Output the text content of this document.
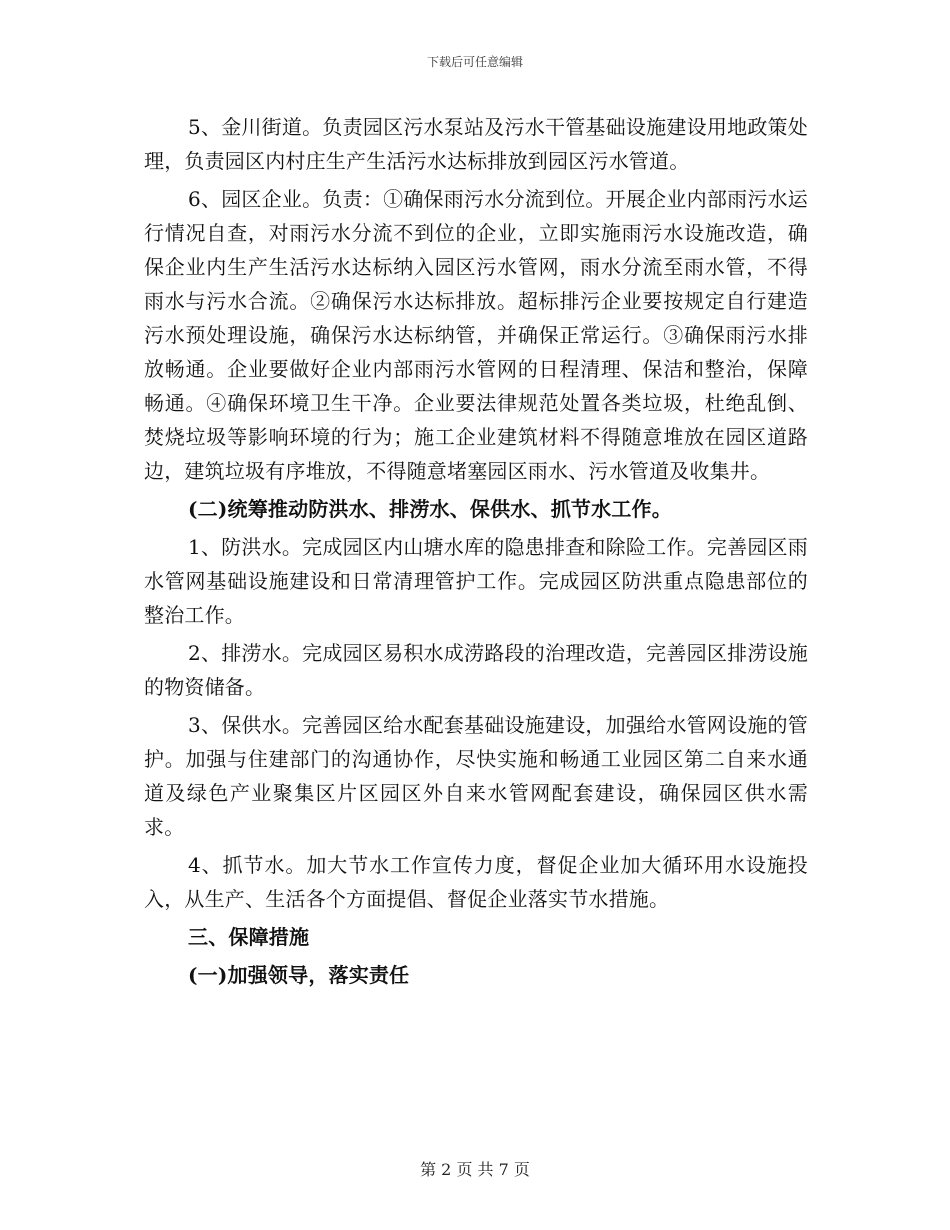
下载后可任意编辑

5、金川街道。负责园区污水泵站及污水干管基础设施建设用地政策处理，负责园区内村庄生产生活污水达标排放到园区污水管道。

6、园区企业。负责：①确保雨污水分流到位。开展企业内部雨污水运行情况自查，对雨污水分流不到位的企业，立即实施雨污水设施改造，确保企业内生产生活污水达标纳入园区污水管网，雨水分流至雨水管，不得雨水与污水合流。②确保污水达标排放。超标排污企业要按规定自行建造污水预处理设施，确保污水达标纳管，并确保正常运行。③确保雨污水排放畅通。企业要做好企业内部雨污水管网的日程清理、保洁和整治，保障畅通。④确保环境卫生干净。企业要法律规范处置各类垃圾，杜绝乱倒、焚烧垃圾等影响环境的行为；施工企业建筑材料不得随意堆放在园区道路边，建筑垃圾有序堆放，不得随意堵塞园区雨水、污水管道及收集井。

(二)统筹推动防洪水、排涝水、保供水、抓节水工作。

1、防洪水。完成园区内山塘水库的隐患排查和除险工作。完善园区雨水管网基础设施建设和日常清理管护工作。完成园区防洪重点隐患部位的整治工作。

2、排涝水。完成园区易积水成涝路段的治理改造，完善园区排涝设施的物资储备。

3、保供水。完善园区给水配套基础设施建设，加强给水管网设施的管护。加强与住建部门的沟通协作，尽快实施和畅通工业园区第二自来水通道及绿色产业聚集区片区园区外自来水管网配套建设，确保园区供水需求。

4、抓节水。加大节水工作宣传力度，督促企业加大循环用水设施投入，从生产、生活各个方面提倡、督促企业落实节水措施。

三、保障措施

(一)加强领导，落实责任

第 2 页 共 7 页
